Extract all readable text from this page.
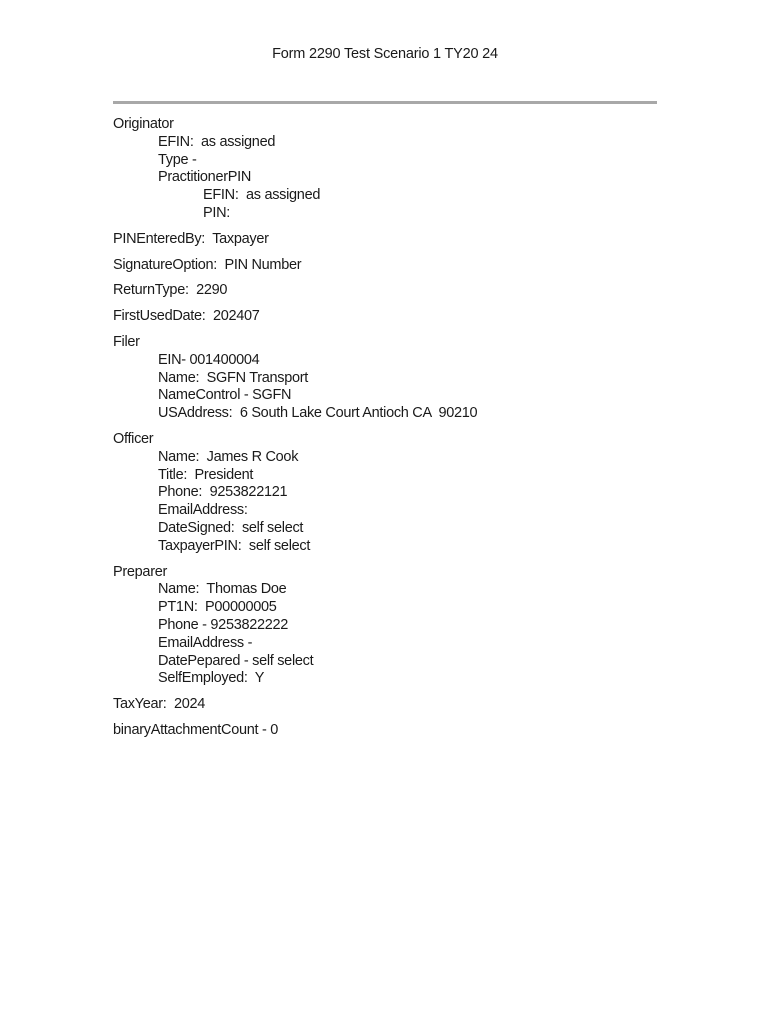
Form 2290 Test Scenario 1 TY20 24
Originator
EFIN:  as assigned
Type -
PractitionerPIN
EFIN:  as assigned
PIN:
PINEnteredBy:  Taxpayer
SignatureOption:  PIN Number
ReturnType:  2290
FirstUsedDate:  202407
Filer
EIN- 001400004
Name:  SGFN Transport
NameControl - SGFN
USAddress:  6 South Lake Court Antioch CA  90210
Officer
Name:  James R Cook
Title:  President
Phone:  9253822121
EmailAddress:
DateSigned:  self select
TaxpayerPIN:  self select
Preparer
Name:  Thomas Doe
PT1N:  P00000005
Phone - 9253822222
EmailAddress -
DatePepared - self select
SelfEmployed:  Y
TaxYear:  2024
binaryAttachmentCount - 0
